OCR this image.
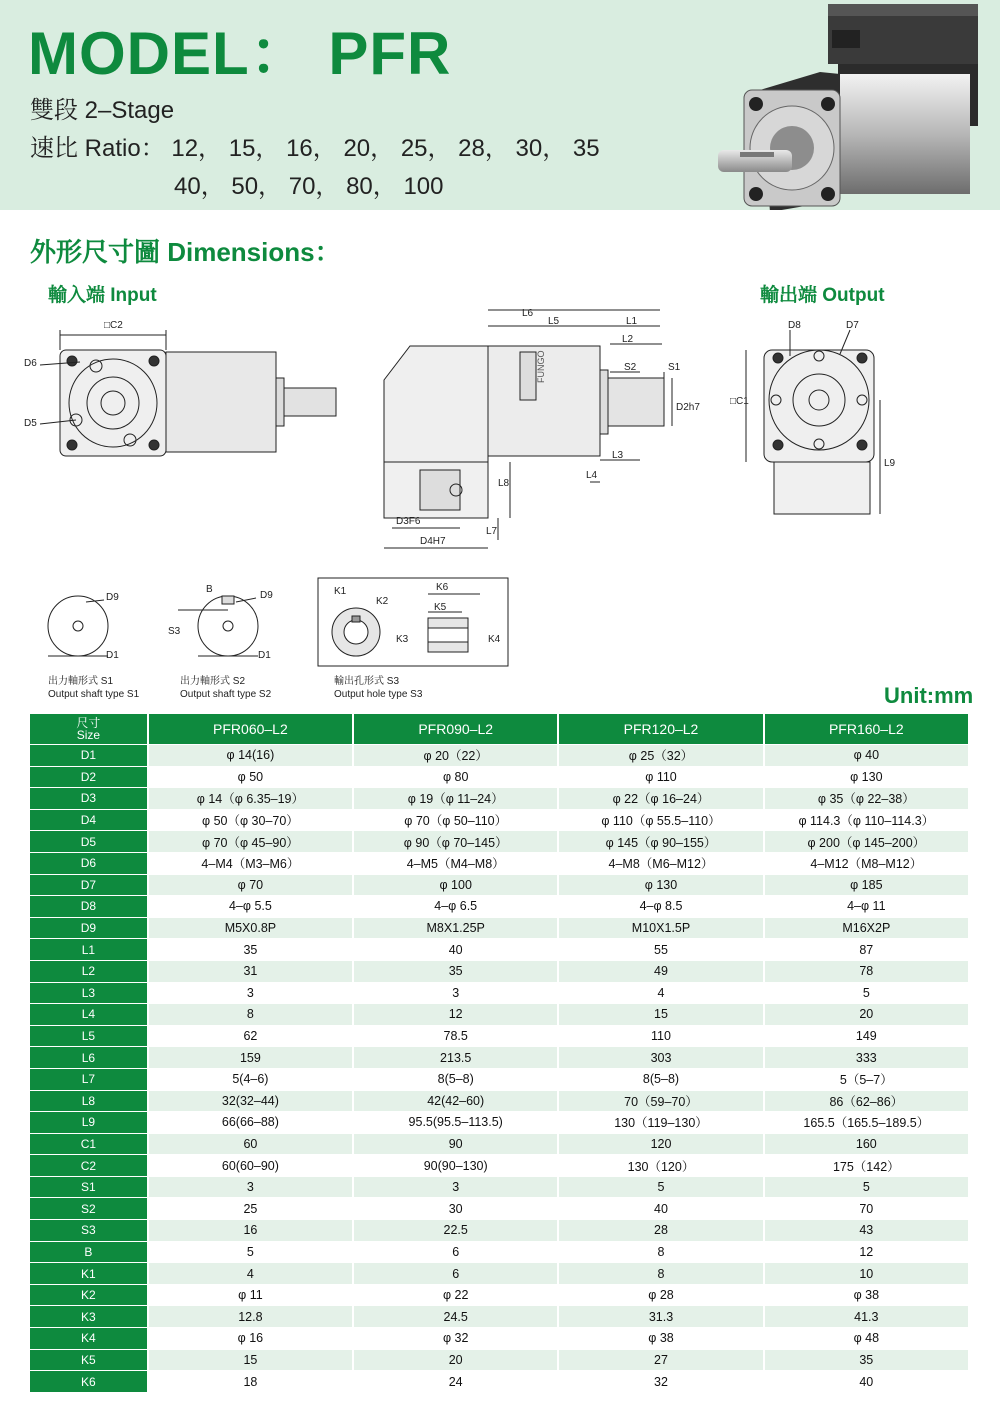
MODEL： PFR
雙段 2–Stage
速比 Ratio： 12， 15， 16， 20， 25， 28， 30， 35
40， 50， 70， 80， 100
外形尺寸圖 Dimensions：
輸入端 Input	輸出端 Output
□C2
D6
D5
FUNGO
L6
L5	L1
L2
S2	S1
D2h7
L3
L4
L8
L7
D3F6
D4H7
D8	D7
□C1
L9
D9
D1
B
D9
S3
D1
K1
K2
K3	K4
K5
K6
出力軸形式 S1
Output shaft type S1
出力軸形式 S2
Output shaft type S2
輸出孔形式 S3
Output hole type S3	Unit:mm
尺寸
Size	PFR060–L2	PFR090–L2	PFR120–L2	PFR160–L2
D1	φ 14(16)	φ 20（22）	φ 25（32）	φ 40
D2	φ 50	φ 80	φ 110	φ 130
D3	φ 14（φ 6.35–19）	φ 19（φ 11–24）	φ 22（φ 16–24）	φ 35（φ 22–38）
D4	φ 50（φ 30–70）	φ 70（φ 50–110）	φ 110（φ 55.5–110）	φ 114.3（φ 110–114.3）
D5	φ 70（φ 45–90）	φ 90（φ 70–145）	φ 145（φ 90–155）	φ 200（φ 145–200）
D6	4–M4（M3–M6）	4–M5（M4–M8）	4–M8（M6–M12）	4–M12（M8–M12）
D7	φ 70	φ 100	φ 130	φ 185
D8	4–φ 5.5	4–φ 6.5	4–φ 8.5	4–φ 11
D9	M5X0.8P	M8X1.25P	M10X1.5P	M16X2P
L1	35	40	55	87
L2	31	35	49	78
L3	3	3	4	5
L4	8	12	15	20
L5	62	78.5	110	149
L6	159	213.5	303	333
L7	5(4–6)	8(5–8)	8(5–8)	5（5–7）
L8	32(32–44)	42(42–60)	70（59–70）	86（62–86）
L9	66(66–88)	95.5(95.5–113.5)	130（119–130）	165.5（165.5–189.5）
C1	60	90	120	160
C2	60(60–90)	90(90–130)	130（120）	175（142）
S1	3	3	5	5
S2	25	30	40	70
S3	16	22.5	28	43
B	5	6	8	12
K1	4	6	8	10
K2	φ 11	φ 22	φ 28	φ 38
K3	12.8	24.5	31.3	41.3
K4	φ 16	φ 32	φ 38	φ 48
K5	15	20	27	35
K6	18	24	32	40
